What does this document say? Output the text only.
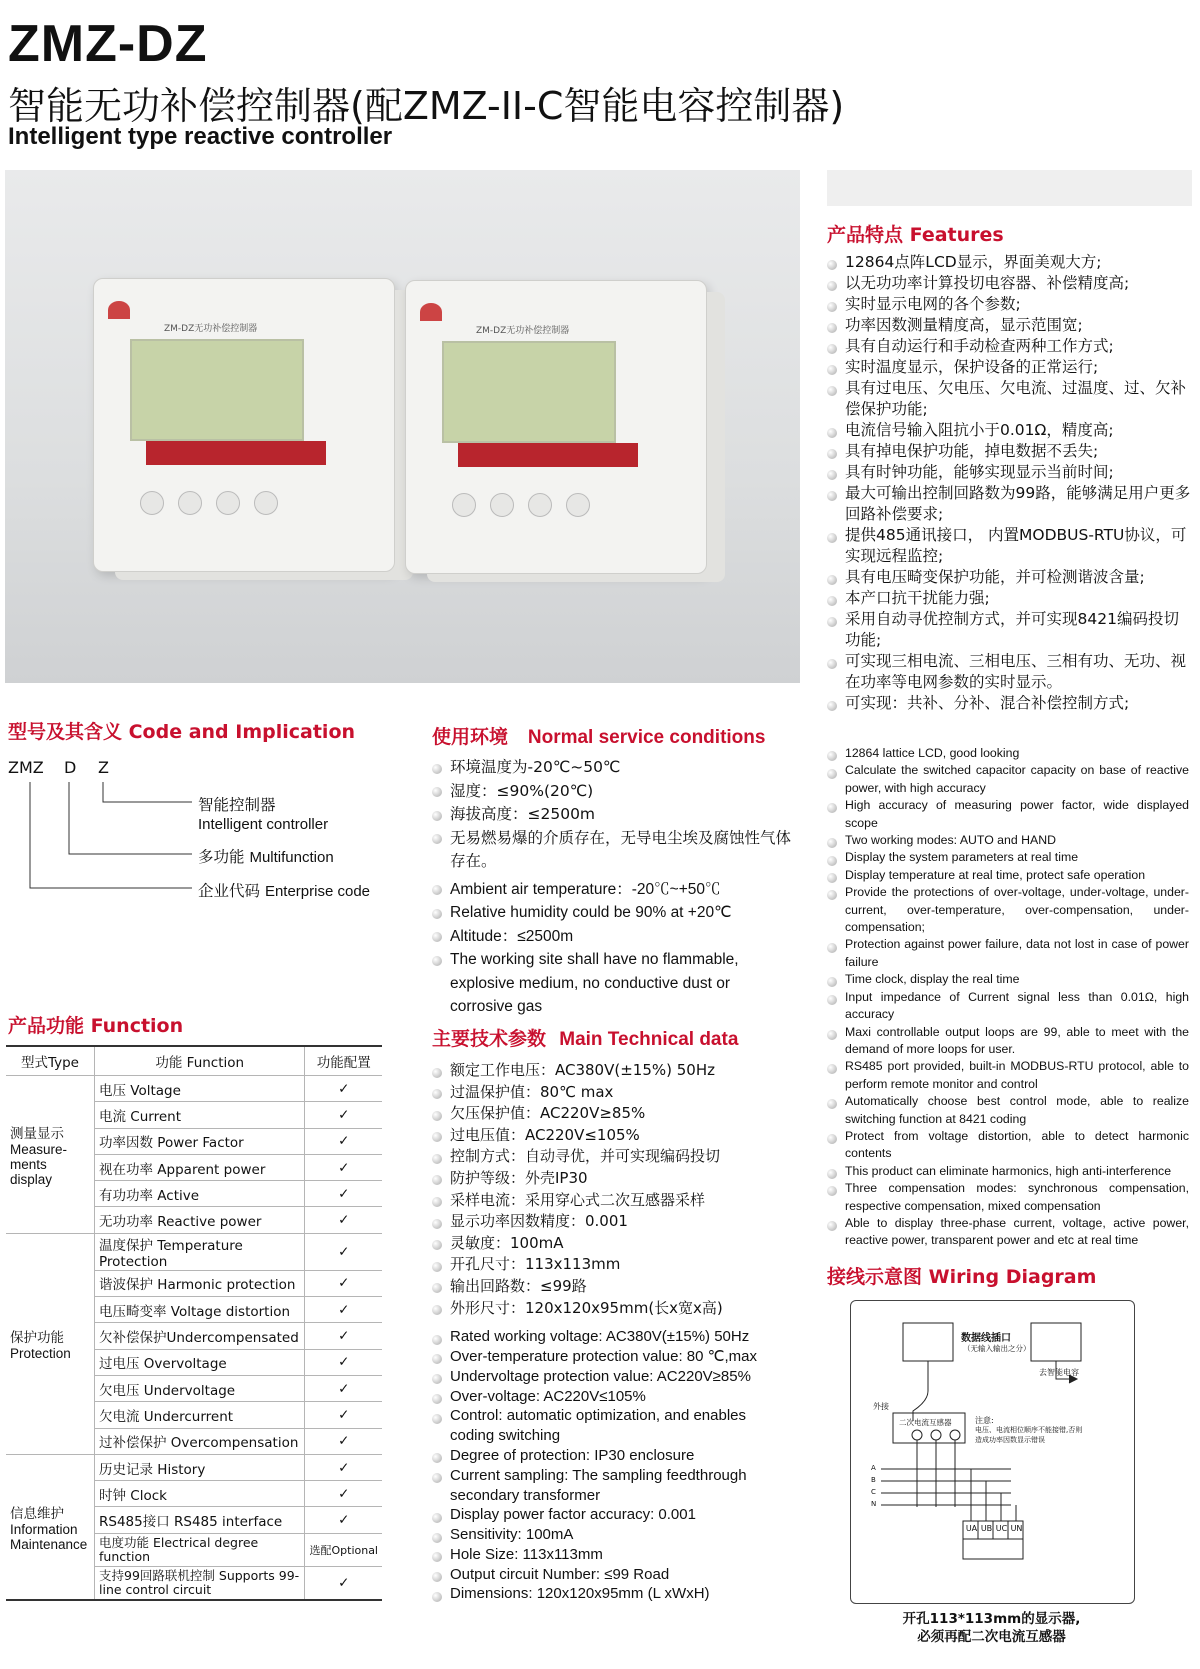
ZMZ-DZ
智能无功补偿控制器(配ZMZ-II-C智能电容控制器)
Intelligent type reactive controller
ZM-DZ无功补偿控制器	ZM-DZ无功补偿控制器
产品特点 Features
12864点阵LCD显示，界面美观大方;
以无功功率计算投切电容器、补偿精度高;
实时显示电网的各个参数;
功率因数测量精度高，显示范围宽;
具有自动运行和手动检查两种工作方式;
实时温度显示，保护设备的正常运行;
具有过电压、欠电压、欠电流、过温度、过、欠补偿保护功能;
电流信号输入阻抗小于0.01Ω，精度高;
具有掉电保护功能，掉电数据不丢失;
具有时钟功能，能够实现显示当前时间;
最大可输出控制回路数为99路，能够满足用户更多回路补偿要求;
提供485通讯接口， 内置MODBUS-RTU协议，可实现远程监控;
具有电压畸变保护功能，并可检测谐波含量;
本产口抗干扰能力强;
采用自动寻优控制方式，并可实现8421编码投切功能;
可实现三相电流、三相电压、三相有功、无功、视在功率等电网参数的实时显示。
可实现：共补、分补、混合补偿控制方式;
12864 lattice LCD, good looking
Calculate the switched capacitor capacity on base of reactive power, with high accuracy
High accuracy of measuring power factor, wide displayed scope
Two working modes: AUTO and HAND
Display the system parameters at real time
Display temperature at real time, protect safe operation
Provide the protections of over-voltage, under-voltage, under-current, over-temperature, over-compensation, under-compensation;
Protection against power failure, data not lost in case of power failure
Time clock, display the real time
Input impedance of Current signal less than 0.01Ω, high accuracy
Maxi controllable output loops are 99, able to meet with the demand of more loops for user.
RS485 port provided, built-in MODBUS-RTU protocol, able to perform remote monitor and control
Automatically choose best control mode, able to realize switching function at 8421 coding
Protect from voltage distortion, able to detect harmonic contents
This product can eliminate harmonics, high anti-interference
Three compensation modes: synchronous compensation, respective compensation, mixed compensation
Able to display three-phase current, voltage, active power, reactive power, transparent power and etc at real time
型号及其含义 Code and Implication
ZMZ D Z
智能控制器
Intelligent controller
多功能 Multifunction
企业代码 Enterprise code
使用环境 Normal service conditions
环境温度为-20℃~50℃
湿度：≤90%(20℃)
海拔高度：≤2500m
无易燃易爆的介质存在，无导电尘埃及腐蚀性气体存在。
Ambient air temperature：-20℃~+50℃
Relative humidity could be 90% at +20℃
Altitude：≤2500m
The working site shall have no flammable, explosive medium, no conductive dust or corrosive gas
产品功能 Function
型式Type	功能 Function	功能配置

测量显示
Measure-ments display	电压 Voltage	✓
	电流 Current	✓
	功率因数 Power Factor	✓
	视在功率 Apparent power	✓
	有功功率 Active	✓
	无功功率 Reactive power	✓

保护功能
Protection	温度保护 Temperature Protection	✓
	谐波保护 Harmonic protection	✓
	电压畸变率 Voltage distortion	✓
	欠补偿保护Undercompensated	✓
	过电压 Overvoltage	✓
	欠电压 Undervoltage	✓
	欠电流 Undercurrent	✓
	过补偿保护 Overcompensation	✓

信息维护
Information Maintenance	历史记录 History	✓
	时钟 Clock	✓
	RS485接口 RS485 interface	✓
	电度功能 Electrical degree function	选配Optional
	支持99回路联机控制 Supports 99-line control circuit	✓
主要技术参数 Main Technical data
额定工作电压：AC380V(±15%) 50Hz
过温保护值：80℃ max
欠压保护值：AC220V≥85%
过电压值：AC220V≤105%
控制方式：自动寻优，并可实现编码投切
防护等级：外壳IP30
采样电流：采用穿心式二次互感器采样
显示功率因数精度：0.001
灵敏度：100mA
开孔尺寸：113x113mm
输出回路数：≤99路
外形尺寸：120x120x95mm(长x宽x高)
Rated working voltage: AC380V(±15%) 50Hz
Over-temperature protection value: 80 ℃,max
Undervoltage protection value: AC220V≥85%
Over-voltage: AC220V≤105%
Control: automatic optimization, and enables coding switching
Degree of protection: IP30 enclosure
Current sampling: The sampling feedthrough secondary transformer
Display power factor accuracy: 0.001
Sensitivity: 100mA
Hole Size: 113x113mm
Output circuit Number: ≤99 Road
Dimensions: 120x120x95mm (L xWxH)
接线示意图 Wiring Diagram
数据线插口
（无输入输出之分）
去智能电容
外接
二次电流互感器	注意:
电压、电流相位顺序不能接错,否则造成功率因数显示错误
A
B
C
N
UA UB UC UN
开孔113*113mm的显示器,
必须再配二次电流互感器
